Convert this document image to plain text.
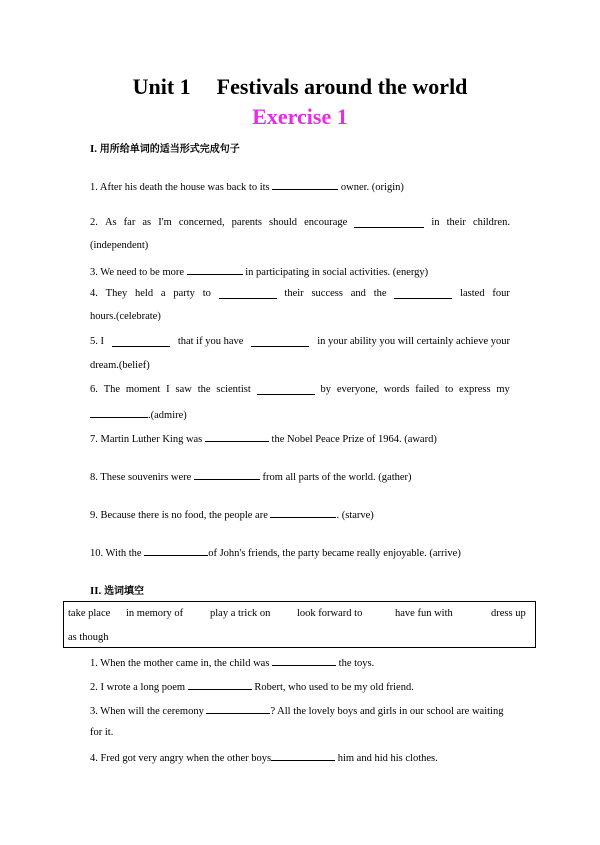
Unit 1 Festivals around the world
Exercise 1
I. 用所给单词的适当形式完成句子
1. After his death the house was back to its	owner. (origin)
2. As far as I'm concerned, parents should encourage	in their children.
(independent)
3. We need to be more	in participating in social activities. (energy)
4. They held a party to	their success and the	lasted four
hours.(celebrate)
5. I	that if you have	in your ability you will certainly achieve your
dream.(belief)
6. The moment I saw the scientist	by everyone, words failed to express my
.(admire)
7. Martin Luther King was	the Nobel Peace Prize of 1964. (award)
8. These souvenirs were	from all parts of the world. (gather)
9. Because there is no food, the people are	. (starve)
10. With the	of John's friends, the party became really enjoyable. (arrive)
II. 选词填空
take place in memory of	play a trick on	look forward to	have fun with	dress up
as though
1. When the mother came in, the child was	the toys.
2. I wrote a long poem	Robert, who used to be my old friend.
3. When will the ceremony	? All the lovely boys and girls in our school are waiting
for it.
4. Fred got very angry when the other boys	him and hid his clothes.
